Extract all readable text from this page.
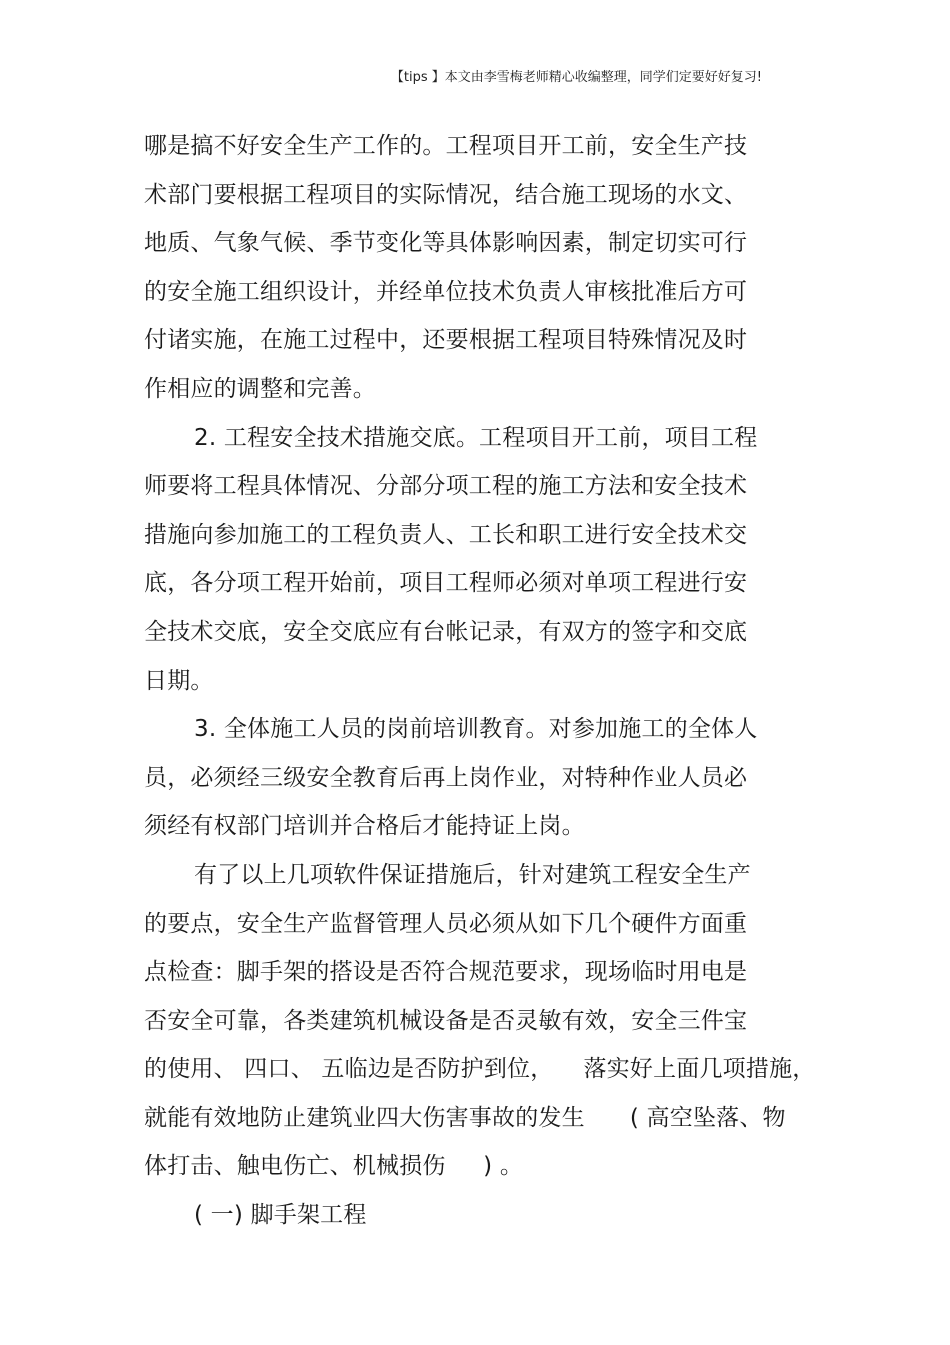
【tips 】本文由李雪梅老师精心收编整理，同学们定要好好复习!
哪是搞不好安全生产工作的。工程项目开工前，安全生产技
术部门要根据工程项目的实际情况，结合施工现场的水文、
地质、气象气候、季节变化等具体影响因素，制定切实可行
的安全施工组织设计，并经单位技术负责人审核批准后方可
付诸实施，在施工过程中，还要根据工程项目特殊情况及时
作相应的调整和完善。
2. 工程安全技术措施交底。工程项目开工前，项目工程
师要将工程具体情况、分部分项工程的施工方法和安全技术
措施向参加施工的工程负责人、工长和职工进行安全技术交
底，各分项工程开始前，项目工程师必须对单项工程进行安
全技术交底，安全交底应有台帐记录，有双方的签字和交底
日期。
3. 全体施工人员的岗前培训教育。对参加施工的全体人
员，必须经三级安全教育后再上岗作业，对特种作业人员必
须经有权部门培训并合格后才能持证上岗。
有了以上几项软件保证措施后，针对建筑工程安全生产
的要点，安全生产监督管理人员必须从如下几个硬件方面重
点检查：脚手架的搭设是否符合规范要求，现场临时用电是
否安全可靠，各类建筑机械设备是否灵敏有效，安全三件宝
的使用、 四口、 五临边是否防护到位，    落实好上面几项措施，
就能有效地防止建筑业四大伤害事故的发生      ( 高空坠落、物
体打击、触电伤亡、机械损伤     ) 。
( 一) 脚手架工程
